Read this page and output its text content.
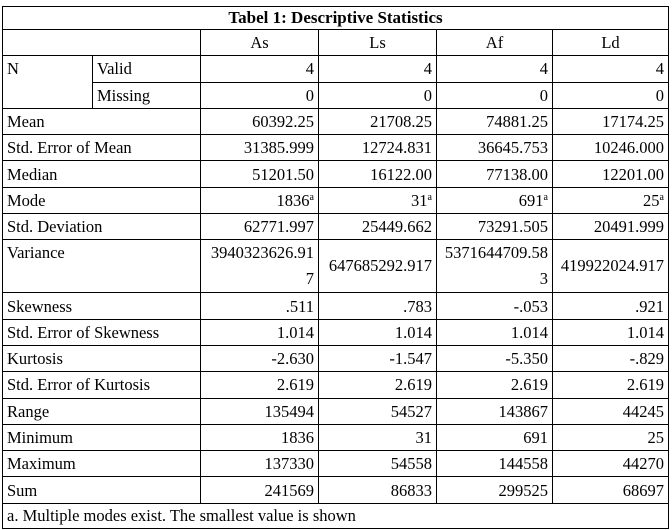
Tabel 1: Descriptive Statistics					
		As	Ls	Af	Ld
N	Valid	4	4	4	4
	Missing	0	0	0	0
Mean		60392.25	21708.25	74881.25	17174.25
Std. Error of Mean		31385.999	12724.831	36645.753	10246.000
Median		51201.50	16122.00	77138.00	12201.00
Mode		1836$^a$	31$^a$	691$^a$	25$^a$
Std. Deviation		62771.997	25449.662	73291.505	20491.999
Variance		3940323626.917	647685292.917	5371644709.583	419922024.917
Skewness		.511	.783	-.053	.921
Std. Error of Skewness		1.014	1.014	1.014	1.014
Kurtosis		-2.630	-1.547	-5.350	-.829
Std. Error of Kurtosis		2.619	2.619	2.619	2.619
Range		135494	54527	143867	44245
Minimum		1836	31	691	25
Maximum		137330	54558	144558	44270
Sum		241569	86833	299525	68697
a. Multiple modes exist. The smallest value is shown					
